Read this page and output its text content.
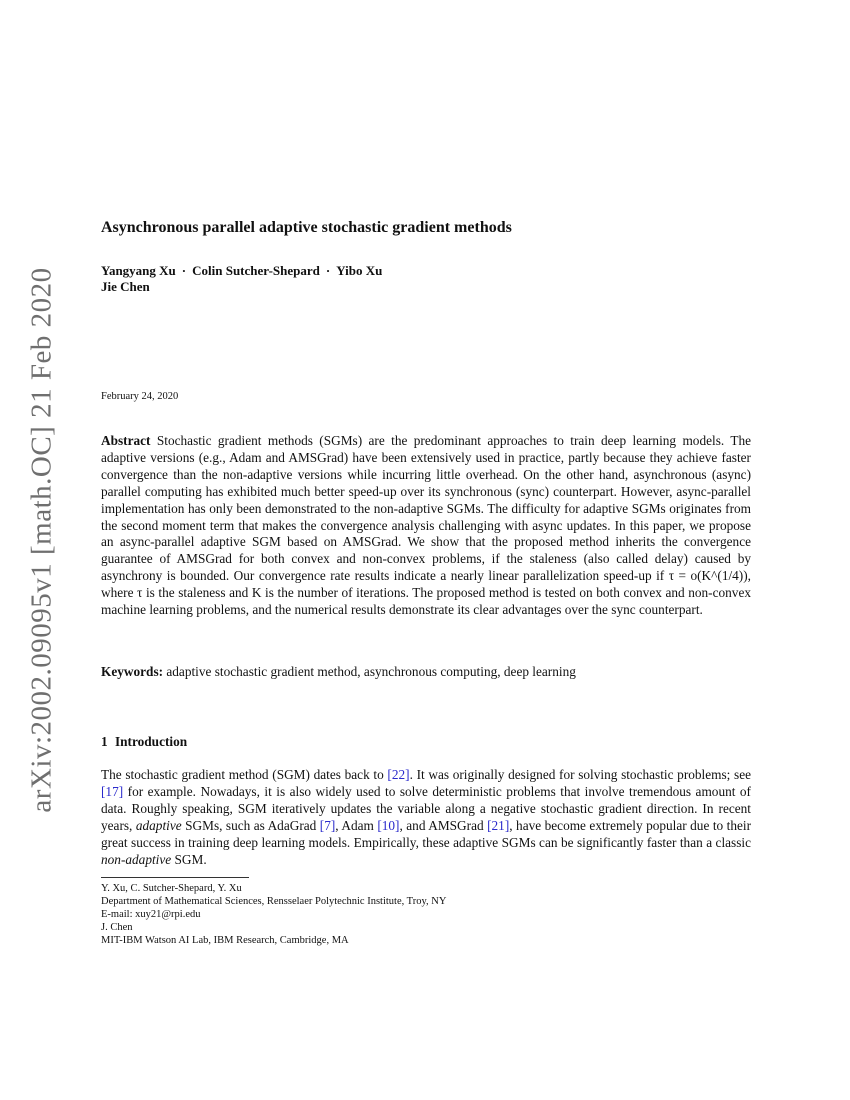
arXiv:2002.09095v1 [math.OC] 21 Feb 2020
Asynchronous parallel adaptive stochastic gradient methods
Yangyang Xu · Colin Sutcher-Shepard · Yibo Xu
Jie Chen
February 24, 2020

Abstract Stochastic gradient methods (SGMs) are the predominant approaches to train deep learning models. The adaptive versions (e.g., Adam and AMSGrad) have been extensively used in practice, partly because they achieve faster convergence than the non-adaptive versions while incurring little overhead. On the other hand, asynchronous (async) parallel computing has exhibited much better speed-up over its synchronous (sync) counterpart. However, async-parallel implementation has only been demonstrated to the non-adaptive SGMs. The difficulty for adaptive SGMs originates from the second moment term that makes the convergence analysis challenging with async updates. In this paper, we propose an async-parallel adaptive SGM based on AMSGrad. We show that the proposed method inherits the convergence guarantee of AMSGrad for both convex and non-convex problems, if the staleness (also called delay) caused by asynchrony is bounded. Our convergence rate results indicate a nearly linear parallelization speed-up if τ = o(K^(1/4)), where τ is the staleness and K is the number of iterations. The proposed method is tested on both convex and non-convex machine learning problems, and the numerical results demonstrate its clear advantages over the sync counterpart.

Keywords: adaptive stochastic gradient method, asynchronous computing, deep learning

1 Introduction

The stochastic gradient method (SGM) dates back to [22]. It was originally designed for solving stochastic problems; see [17] for example. Nowadays, it is also widely used to solve deterministic problems that involve tremendous amount of data. Roughly speaking, SGM iteratively updates the variable along a negative stochastic gradient direction. In recent years, adaptive SGMs, such as AdaGrad [7], Adam [10], and AMSGrad [21], have become extremely popular due to their great success in training deep learning models. Empirically, these adaptive SGMs can be significantly faster than a classic non-adaptive SGM.

Y. Xu, C. Sutcher-Shepard, Y. Xu
Department of Mathematical Sciences, Rensselaer Polytechnic Institute, Troy, NY
E-mail: xuy21@rpi.edu
J. Chen
MIT-IBM Watson AI Lab, IBM Research, Cambridge, MA
